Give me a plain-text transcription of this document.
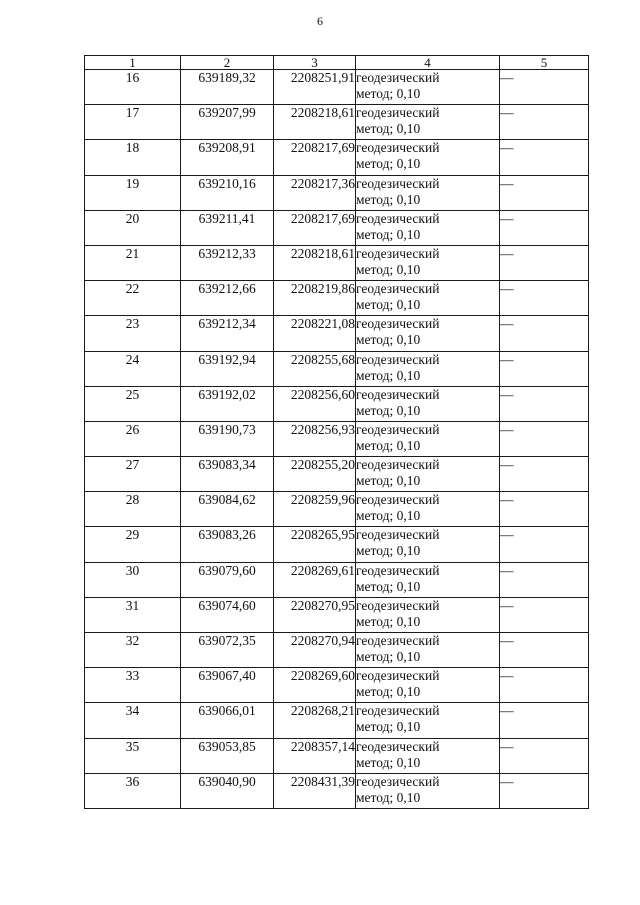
6
1	2	3	4	5
16	639189,32	2208251,91	геодезический
метод; 0,10	—
17	639207,99	2208218,61	геодезический
метод; 0,10	—
18	639208,91	2208217,69	геодезический
метод; 0,10	—
19	639210,16	2208217,36	геодезический
метод; 0,10	—
20	639211,41	2208217,69	геодезический
метод; 0,10	—
21	639212,33	2208218,61	геодезический
метод; 0,10	—
22	639212,66	2208219,86	геодезический
метод; 0,10	—
23	639212,34	2208221,08	геодезический
метод; 0,10	—
24	639192,94	2208255,68	геодезический
метод; 0,10	—
25	639192,02	2208256,60	геодезический
метод; 0,10	—
26	639190,73	2208256,93	геодезический
метод; 0,10	—
27	639083,34	2208255,20	геодезический
метод; 0,10	—
28	639084,62	2208259,96	геодезический
метод; 0,10	—
29	639083,26	2208265,95	геодезический
метод; 0,10	—
30	639079,60	2208269,61	геодезический
метод; 0,10	—
31	639074,60	2208270,95	геодезический
метод; 0,10	—
32	639072,35	2208270,94	геодезический
метод; 0,10	—
33	639067,40	2208269,60	геодезический
метод; 0,10	—
34	639066,01	2208268,21	геодезический
метод; 0,10	—
35	639053,85	2208357,14	геодезический
метод; 0,10	—
36	639040,90	2208431,39	геодезический
метод; 0,10	—
